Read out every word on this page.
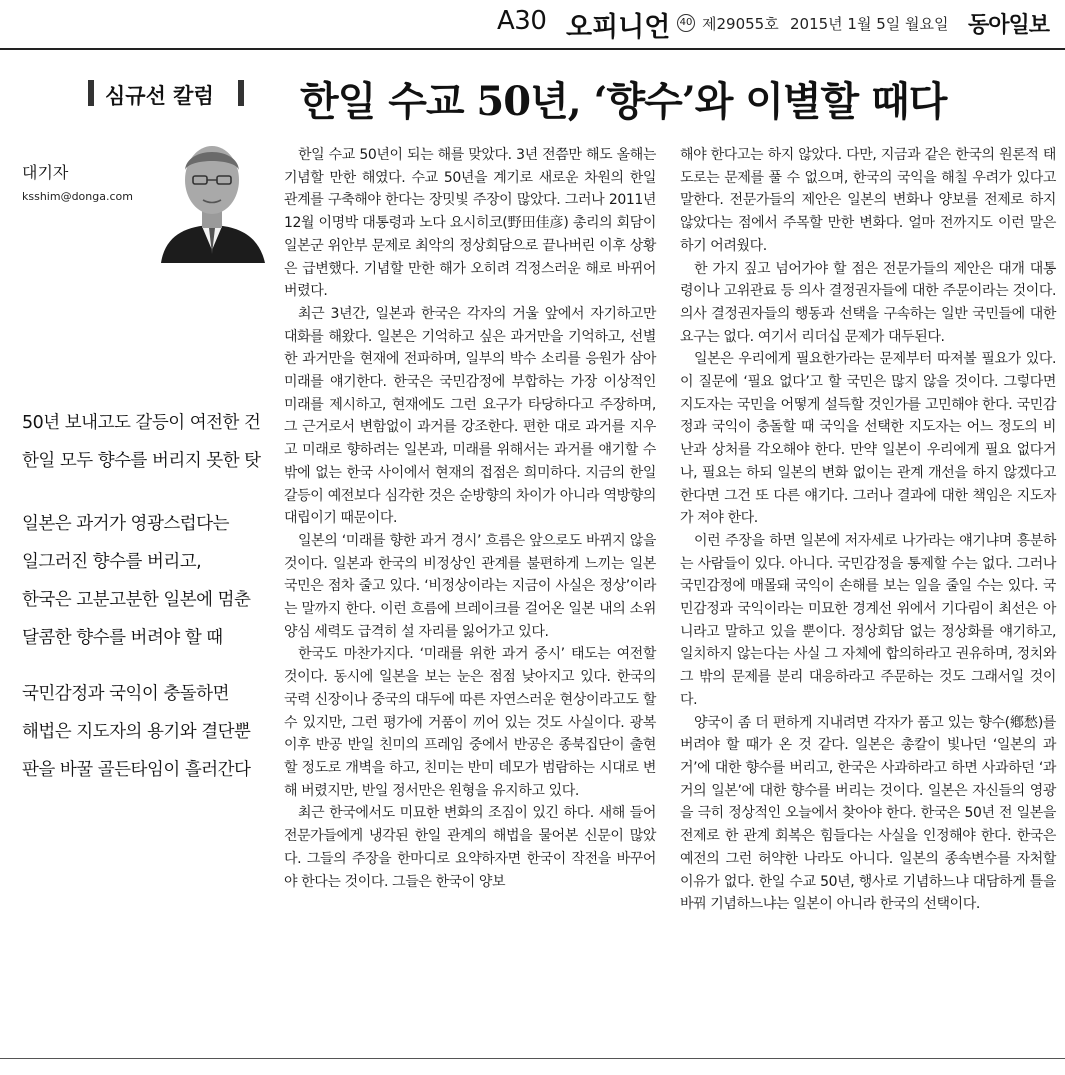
A30 오피니언 40 제29055호 2015년 1월 5일 월요일 동아일보
심규선 칼럼 한일 수교 50년, ‘향수’와 이별할 때다
대기자
ksshim@donga.com
50년 보내고도 갈등이 여전한 건
한일 모두 향수를 버리지 못한 탓
일본은 과거가 영광스럽다는
일그러진 향수를 버리고,
한국은 고분고분한 일본에 멈춘
달콤한 향수를 버려야 할 때
국민감정과 국익이 충돌하면
해법은 지도자의 용기와 결단뿐
판을 바꿀 골든타임이 흘러간다

한일 수교 50년이 되는 해를 맞았다. 3년 전쯤만 해도 올해는 기념할 만한 해였다. 수교 50년을 계기로 새로운 차원의 한일 관계를 구축해야 한다는 장밋빛 주장이 많았다. 그러나 2011년 12월 이명박 대통령과 노다 요시히코(野田佳彦) 총리의 회담이 일본군 위안부 문제로 최악의 정상회담으로 끝나버린 이후 상황은 급변했다. 기념할 만한 해가 오히려 걱정스러운 해로 바뀌어 버렸다.

최근 3년간, 일본과 한국은 각자의 거울 앞에서 자기하고만 대화를 해왔다. 일본은 기억하고 싶은 과거만을 기억하고, 선별한 과거만을 현재에 전파하며, 일부의 박수 소리를 응원가 삼아 미래를 얘기한다. 한국은 국민감정에 부합하는 가장 이상적인 미래를 제시하고, 현재에도 그런 요구가 타당하다고 주장하며, 그 근거로서 변함없이 과거를 강조한다. 편한 대로 과거를 지우고 미래로 향하려는 일본과, 미래를 위해서는 과거를 얘기할 수밖에 없는 한국 사이에서 현재의 접점은 희미하다. 지금의 한일 갈등이 예전보다 심각한 것은 순방향의 차이가 아니라 역방향의 대립이기 때문이다.

일본의 ‘미래를 향한 과거 경시’ 흐름은 앞으로도 바뀌지 않을 것이다. 일본과 한국의 비정상인 관계를 불편하게 느끼는 일본 국민은 점차 줄고 있다. ‘비정상이라는 지금이 사실은 정상’이라는 말까지 한다. 이런 흐름에 브레이크를 걸어온 일본 내의 소위 양심 세력도 급격히 설 자리를 잃어가고 있다.

한국도 마찬가지다. ‘미래를 위한 과거 중시’ 태도는 여전할 것이다. 동시에 일본을 보는 눈은 점점 낮아지고 있다. 한국의 국력 신장이나 중국의 대두에 따른 자연스러운 현상이라고도 할 수 있지만, 그런 평가에 거품이 끼어 있는 것도 사실이다. 광복 이후 반공 반일 친미의 프레임 중에서 반공은 종북집단이 출현할 정도로 개벽을 하고, 친미는 반미 데모가 범람하는 시대로 변해 버렸지만, 반일 정서만은 원형을 유지하고 있다.

최근 한국에서도 미묘한 변화의 조짐이 있긴 하다. 새해 들어 전문가들에게 냉각된 한일 관계의 해법을 물어본 신문이 많았다. 그들의 주장을 한마디로 요약하자면 한국이 작전을 바꾸어야 한다는 것이다. 그들은 한국이 양보

해야 한다고는 하지 않았다. 다만, 지금과 같은 한국의 원론적 태도로는 문제를 풀 수 없으며, 한국의 국익을 해칠 우려가 있다고 말한다. 전문가들의 제안은 일본의 변화나 양보를 전제로 하지 않았다는 점에서 주목할 만한 변화다. 얼마 전까지도 이런 말은 하기 어려웠다.

한 가지 짚고 넘어가야 할 점은 전문가들의 제안은 대개 대통령이나 고위관료 등 의사 결정권자들에 대한 주문이라는 것이다. 의사 결정권자들의 행동과 선택을 구속하는 일반 국민들에 대한 요구는 없다. 여기서 리더십 문제가 대두된다.

일본은 우리에게 필요한가라는 문제부터 따져볼 필요가 있다. 이 질문에 ‘필요 없다’고 할 국민은 많지 않을 것이다. 그렇다면 지도자는 국민을 어떻게 설득할 것인가를 고민해야 한다. 국민감정과 국익이 충돌할 때 국익을 선택한 지도자는 어느 정도의 비난과 상처를 각오해야 한다. 만약 일본이 우리에게 필요 없다거나, 필요는 하되 일본의 변화 없이는 관계 개선을 하지 않겠다고 한다면 그건 또 다른 얘기다. 그러나 결과에 대한 책임은 지도자가 져야 한다.

이런 주장을 하면 일본에 저자세로 나가라는 얘기냐며 흥분하는 사람들이 있다. 아니다. 국민감정을 통제할 수는 없다. 그러나 국민감정에 매몰돼 국익이 손해를 보는 일을 줄일 수는 있다. 국민감정과 국익이라는 미묘한 경계선 위에서 기다림이 최선은 아니라고 말하고 있을 뿐이다. 정상회담 없는 정상화를 얘기하고, 일치하지 않는다는 사실 그 자체에 합의하라고 권유하며, 정치와 그 밖의 문제를 분리 대응하라고 주문하는 것도 그래서일 것이다.

양국이 좀 더 편하게 지내려면 각자가 품고 있는 향수(鄕愁)를 버려야 할 때가 온 것 같다. 일본은 총칼이 빛나던 ‘일본의 과거’에 대한 향수를 버리고, 한국은 사과하라고 하면 사과하던 ‘과거의 일본’에 대한 향수를 버리는 것이다. 일본은 자신들의 영광을 극히 정상적인 오늘에서 찾아야 한다. 한국은 50년 전 일본을 전제로 한 관계 회복은 힘들다는 사실을 인정해야 한다. 한국은 예전의 그런 허약한 나라도 아니다. 일본의 종속변수를 자처할 이유가 없다. 한일 수교 50년, 행사로 기념하느냐 대담하게 틀을 바꿔 기념하느냐는 일본이 아니라 한국의 선택이다.
